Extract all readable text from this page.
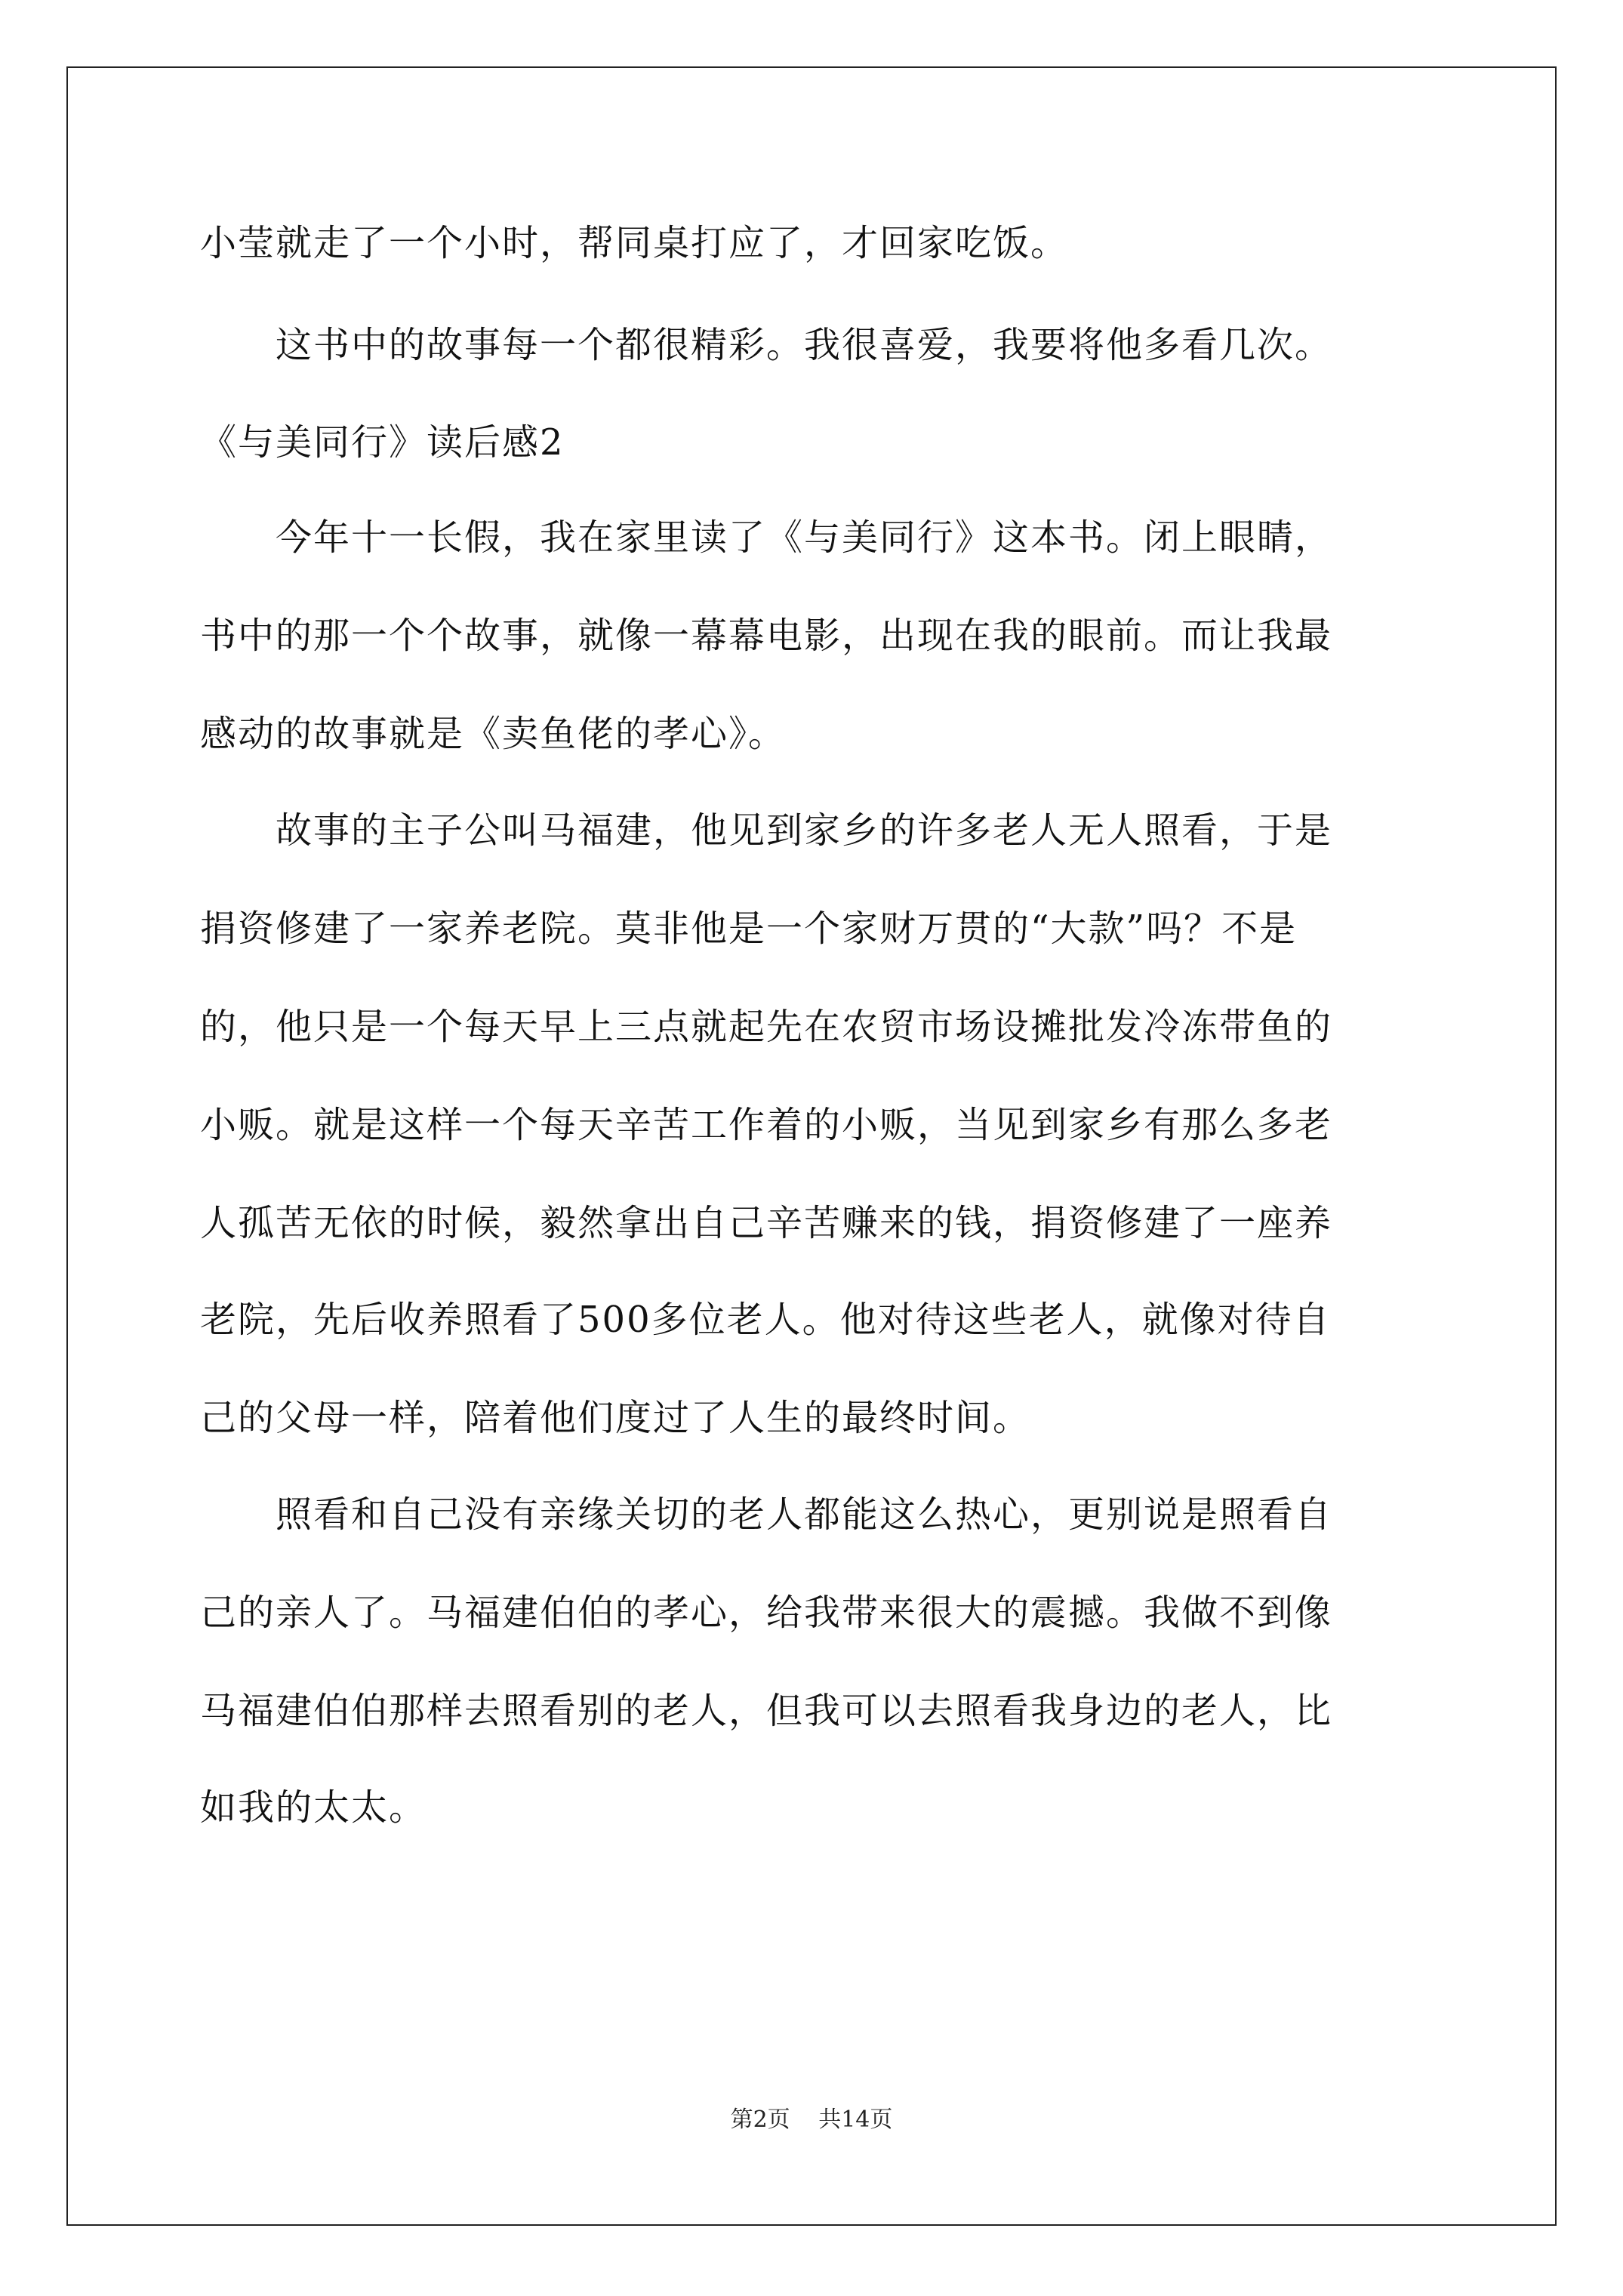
小莹就走了一个小时，帮同桌打应了，才回家吃饭。
　　这书中的故事每一个都很精彩。我很喜爱，我要将他多看几次。
《与美同行》读后感2
　　今年十一长假，我在家里读了《与美同行》这本书。闭上眼睛，
书中的那一个个故事，就像一幕幕电影，出现在我的眼前。而让我最
感动的故事就是《卖鱼佬的孝心》。
　　故事的主子公叫马福建，他见到家乡的许多老人无人照看，于是
捐资修建了一家养老院。莫非他是一个家财万贯的“大款”吗？不是
的，他只是一个每天早上三点就起先在农贸市场设摊批发冷冻带鱼的
小贩。就是这样一个每天辛苦工作着的小贩，当见到家乡有那么多老
人孤苦无依的时候，毅然拿出自己辛苦赚来的钱，捐资修建了一座养
老院，先后收养照看了500多位老人。他对待这些老人，就像对待自
己的父母一样，陪着他们度过了人生的最终时间。
　　照看和自己没有亲缘关切的老人都能这么热心，更别说是照看自
己的亲人了。马福建伯伯的孝心，给我带来很大的震撼。我做不到像
马福建伯伯那样去照看别的老人，但我可以去照看我身边的老人，比
如我的太太。
第2页 共14页
